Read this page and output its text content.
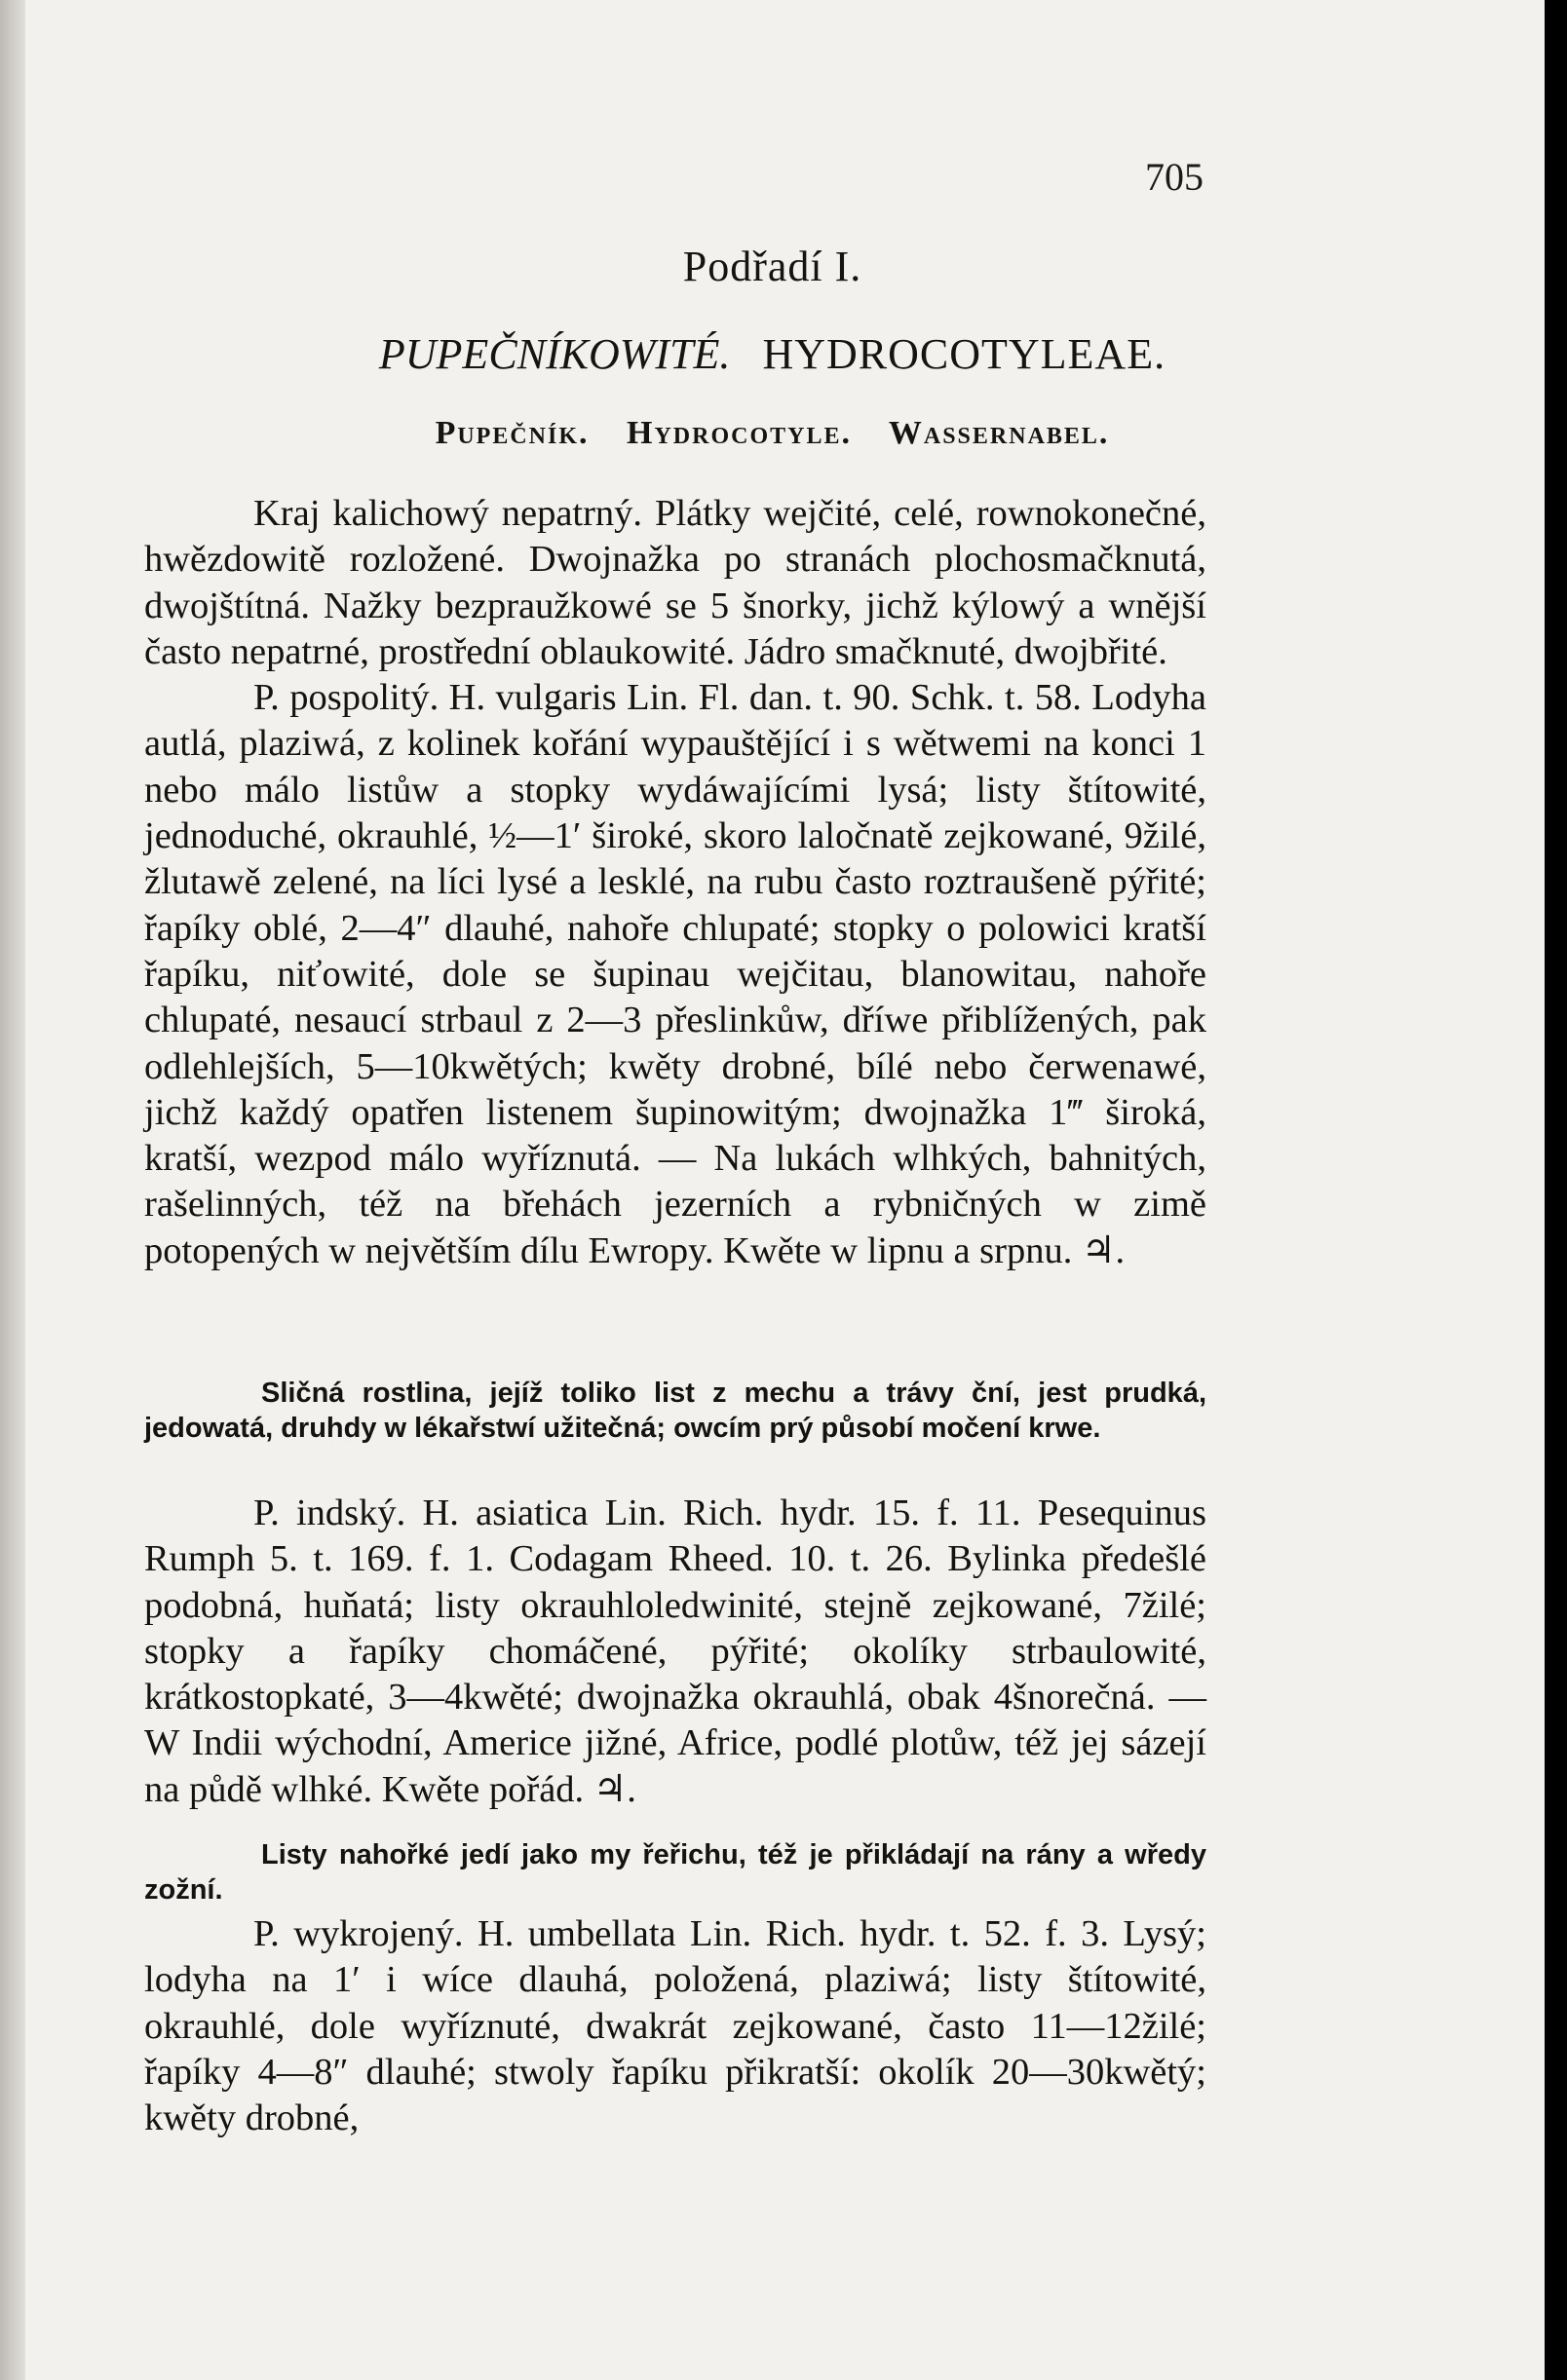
705
Podřadí I.
PUPEČNÍKOWITÉ. HYDROCOTYLEAE.
Pupečník. Hydrocotyle. Wassernabel.

Kraj kalichowý nepatrný. Plátky wejčité, celé, rownokonečné, hwězdowitě rozložené. Dwojnažka po stranách plochosmačknutá, dwojštítná. Nažky bezpraužkowé se 5 šnorky, jichž kýlowý a wnější často nepatrné, prostřední oblaukowité. Jádro smačknuté, dwojbřité.

P. pospolitý. H. vulgaris Lin. Fl. dan. t. 90. Schk. t. 58. Lodyha autlá, plaziwá, z kolinek kořání wypauštějící i s wětwemi na konci 1 nebo málo listůw a stopky wydáwajícími lysá; listy štítowité, jednoduché, okrauhlé, ½—1′ široké, skoro laločnatě zejkowané, 9žilé, žlutawě zelené, na líci lysé a lesklé, na rubu často roztraušeně pýřité; řapíky oblé, 2—4″ dlauhé, nahoře chlupaté; stopky o polowici kratší řapíku, niťowité, dole se šupinau wejčitau, blanowitau, nahoře chlupaté, nesaucí strbaul z 2—3 přeslinkůw, dříwe přiblížených, pak odlehlejších, 5—10kwětých; kwěty drobné, bílé nebo čerwenawé, jichž každý opatřen listenem šupinowitým; dwojnažka 1‴ široká, kratší, wezpod málo wyříznutá. — Na lukách wlhkých, bahnitých, rašelinných, též na břehách jezerních a rybničných w zimě potopených w největším dílu Ewropy. Kwěte w lipnu a srpnu. ♃.

Sličná rostlina, jejíž toliko list z mechu a trávy ční, jest prudká, jedowatá, druhdy w lékařstwí užitečná; owcím prý působí močení krwe.

P. indský. H. asiatica Lin. Rich. hydr. 15. f. 11. Pesequinus Rumph 5. t. 169. f. 1. Codagam Rheed. 10. t. 26. Bylinka předešlé podobná, huňatá; listy okrauhloledwinité, stejně zejkowané, 7žilé; stopky a řapíky chomáčené, pýřité; okolíky strbaulowité, krátkostopkaté, 3—4kwěté; dwojnažka okrauhlá, obak 4šnorečná. — W Indii wýchodní, Americe jižné, Africe, podlé plotůw, též jej sázejí na půdě wlhké. Kwěte pořád. ♃.

Listy nahořké jedí jako my řeřichu, též je přikládají na rány a wředy zožní.

P. wykrojený. H. umbellata Lin. Rich. hydr. t. 52. f. 3. Lysý; lodyha na 1′ i wíce dlauhá, položená, plaziwá; listy štítowité, okrauhlé, dole wyříznuté, dwakrát zejkowané, často 11—12žilé; řapíky 4—8″ dlauhé; stwoly řapíku přikratší: okolík 20—30kwětý; kwěty drobné,
